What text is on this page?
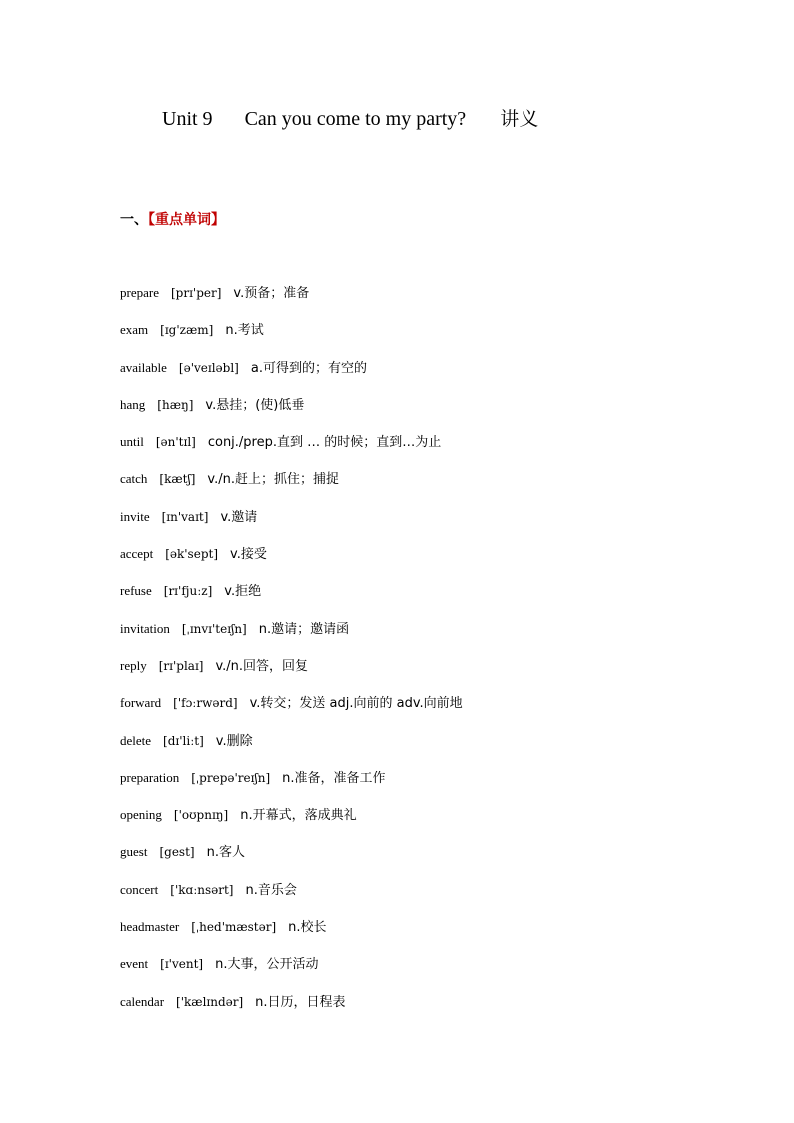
Unit 9 Can you come to my party? 讲义
一、【重点单词】
prepare [prɪ'per] v.预备；准备
exam [ɪg'zæm] n.考试
available [ə'veɪləbl] a.可得到的；有空的
hang [hæŋ] v.悬挂；(使)低垂
until [ən'tɪl] conj./prep.直到 … 的时候；直到…为止
catch [kætʃ] v./n.赶上；抓住；捕捉
invite [ɪn'vaɪt] v.邀请
accept [ək'sept] v.接受
refuse [rɪ'fjuːz] v.拒绝
invitation [ˌɪnvɪ'teɪʃn] n.邀请；邀请函
reply [rɪ'plaɪ] v./n.回答，回复
forward ['fɔːrwərd] v.转交；发送 adj.向前的 adv.向前地
delete [dɪ'liːt] v.删除
preparation [ˌprepə'reɪʃn] n.准备，准备工作
opening ['oʊpnɪŋ] n.开幕式，落成典礼
guest [gest] n.客人
concert ['kɑːnsərt] n.音乐会
headmaster [ˌhed'mæstər] n.校长
event [ɪ'vent] n.大事，公开活动
calendar ['kælɪndər] n.日历，日程表
